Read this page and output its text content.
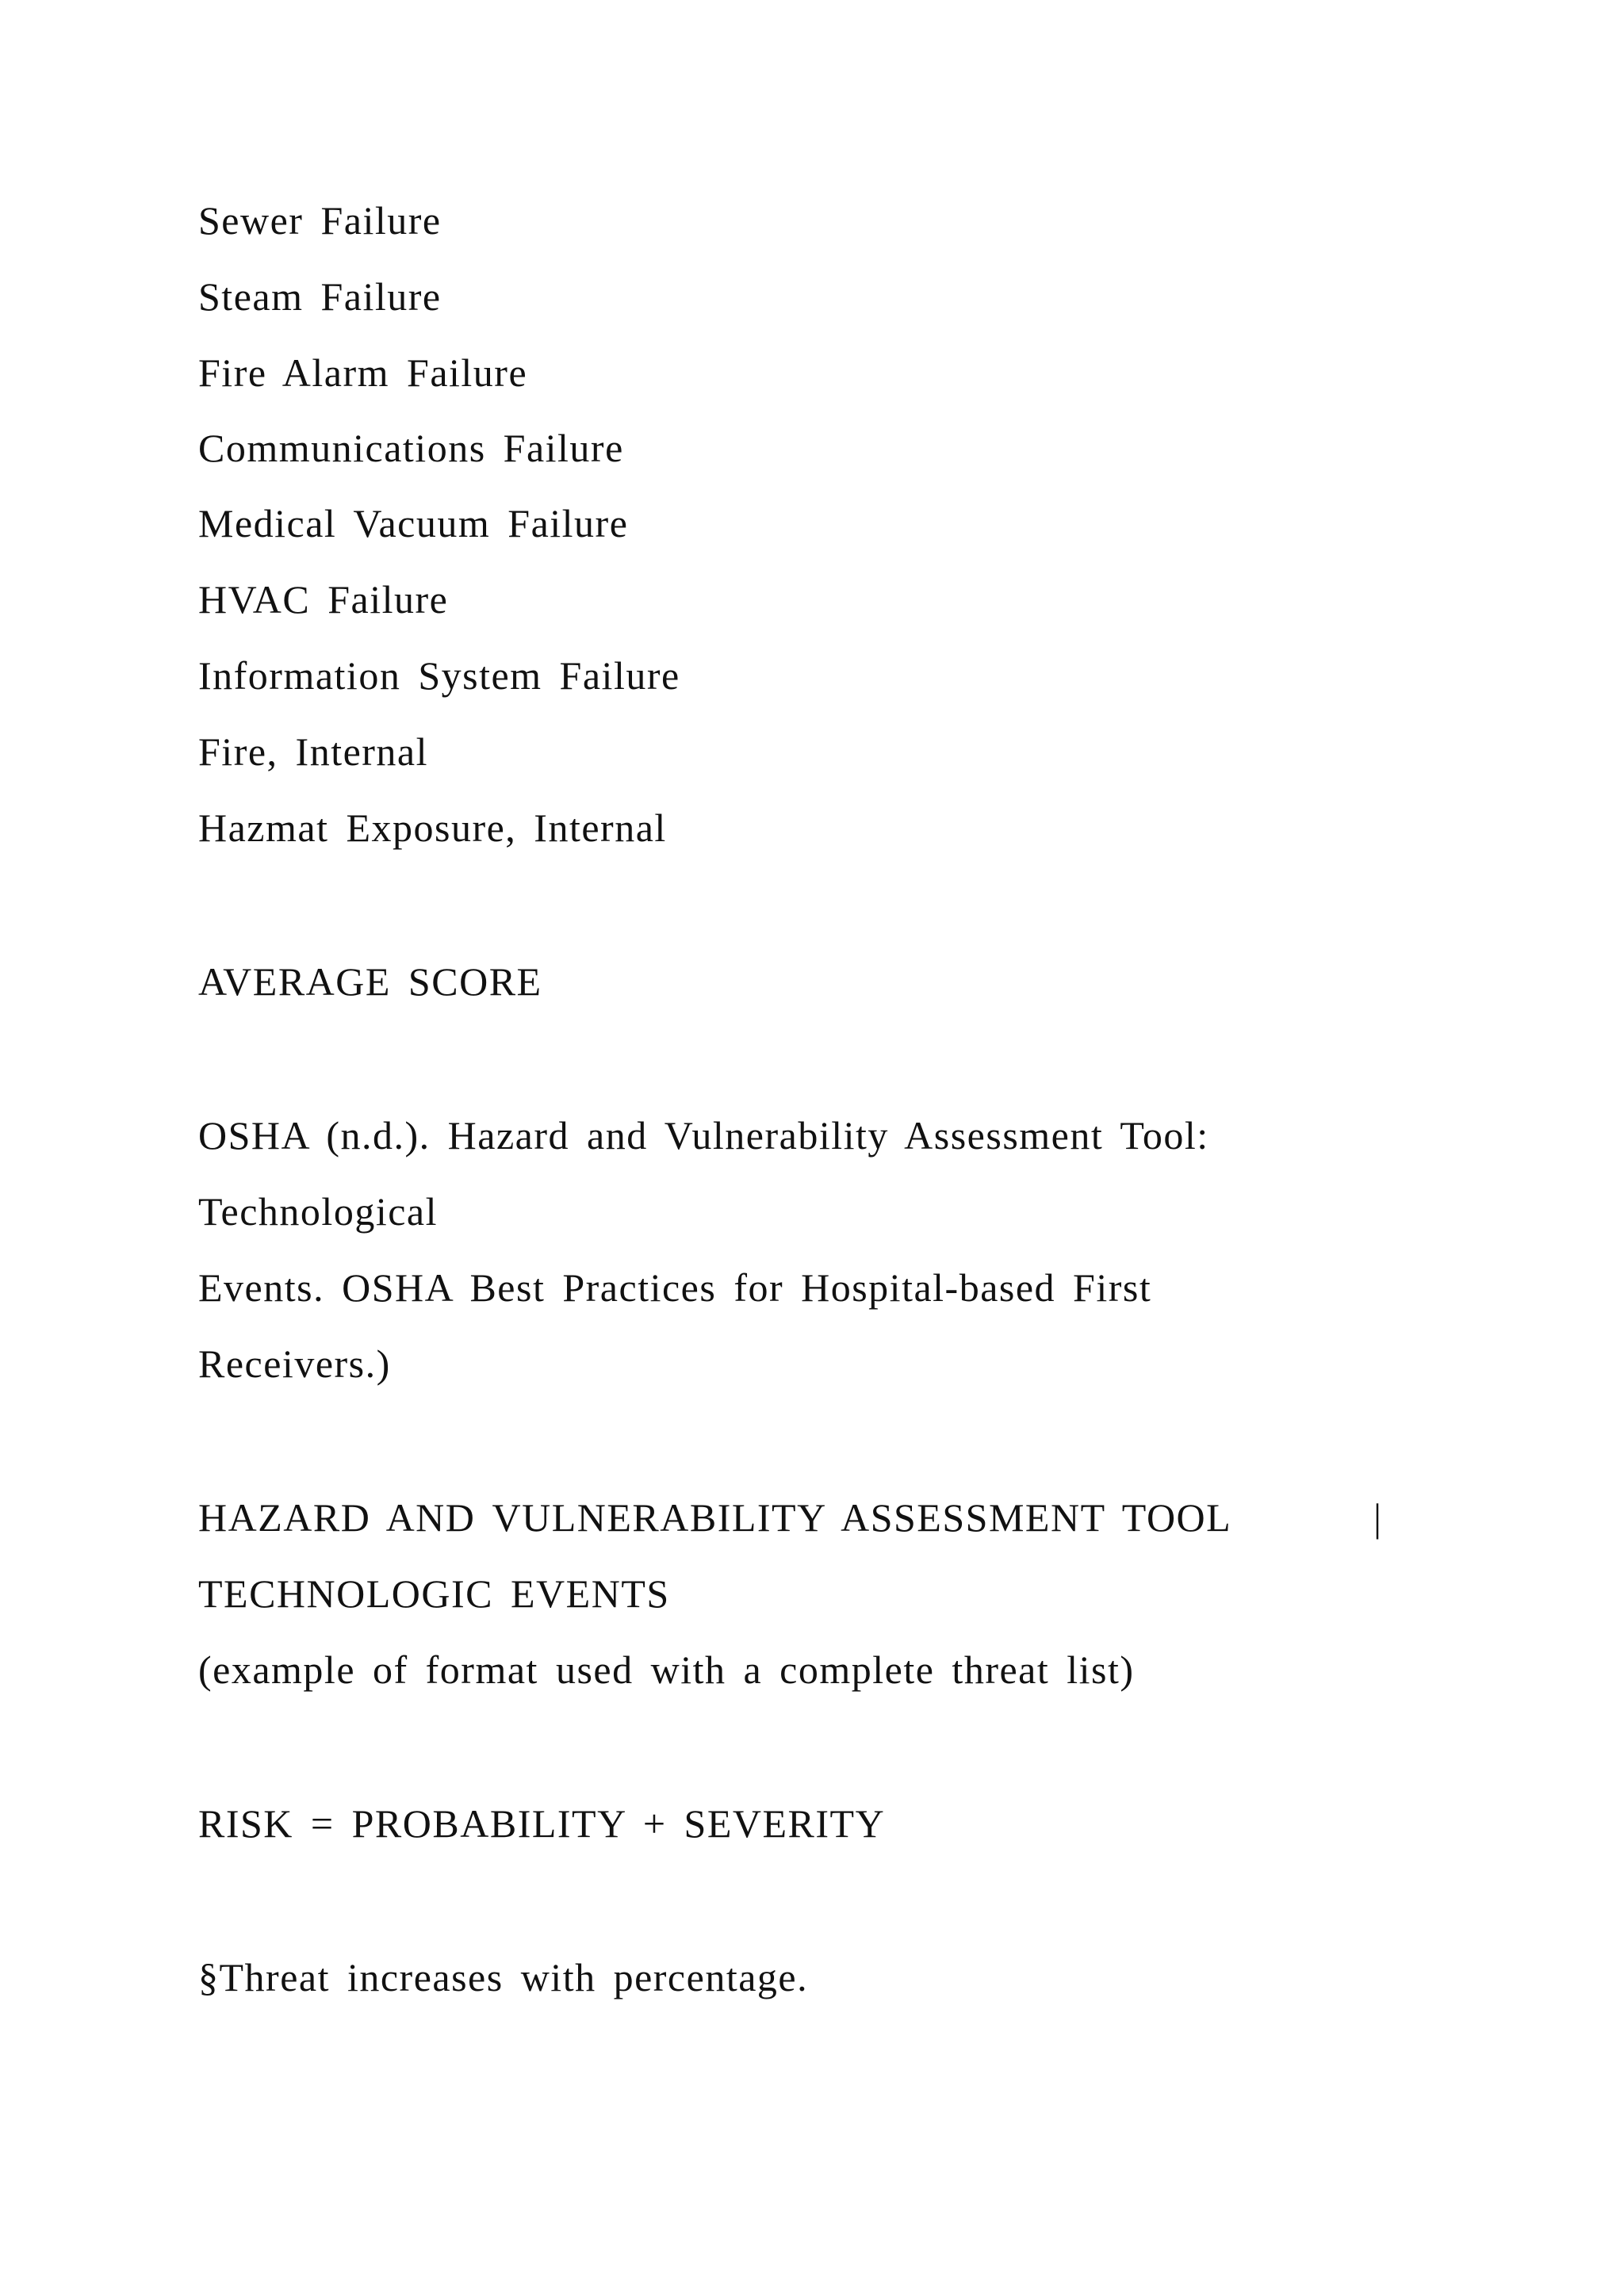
Sewer Failure
Steam Failure
Fire Alarm Failure
Communications Failure
Medical Vacuum Failure
HVAC Failure
Information System Failure
Fire, Internal
Hazmat Exposure, Internal
AVERAGE SCORE
OSHA (n.d.). Hazard and Vulnerability Assessment Tool:
Technological
Events. OSHA Best Practices for Hospital-based First
Receivers.)
HAZARD AND VULNERABILITY ASSESSMENT TOOL	|
TECHNOLOGIC EVENTS
(example of format used with a complete threat list)
RISK = PROBABILITY + SEVERITY
§Threat increases with percentage.
